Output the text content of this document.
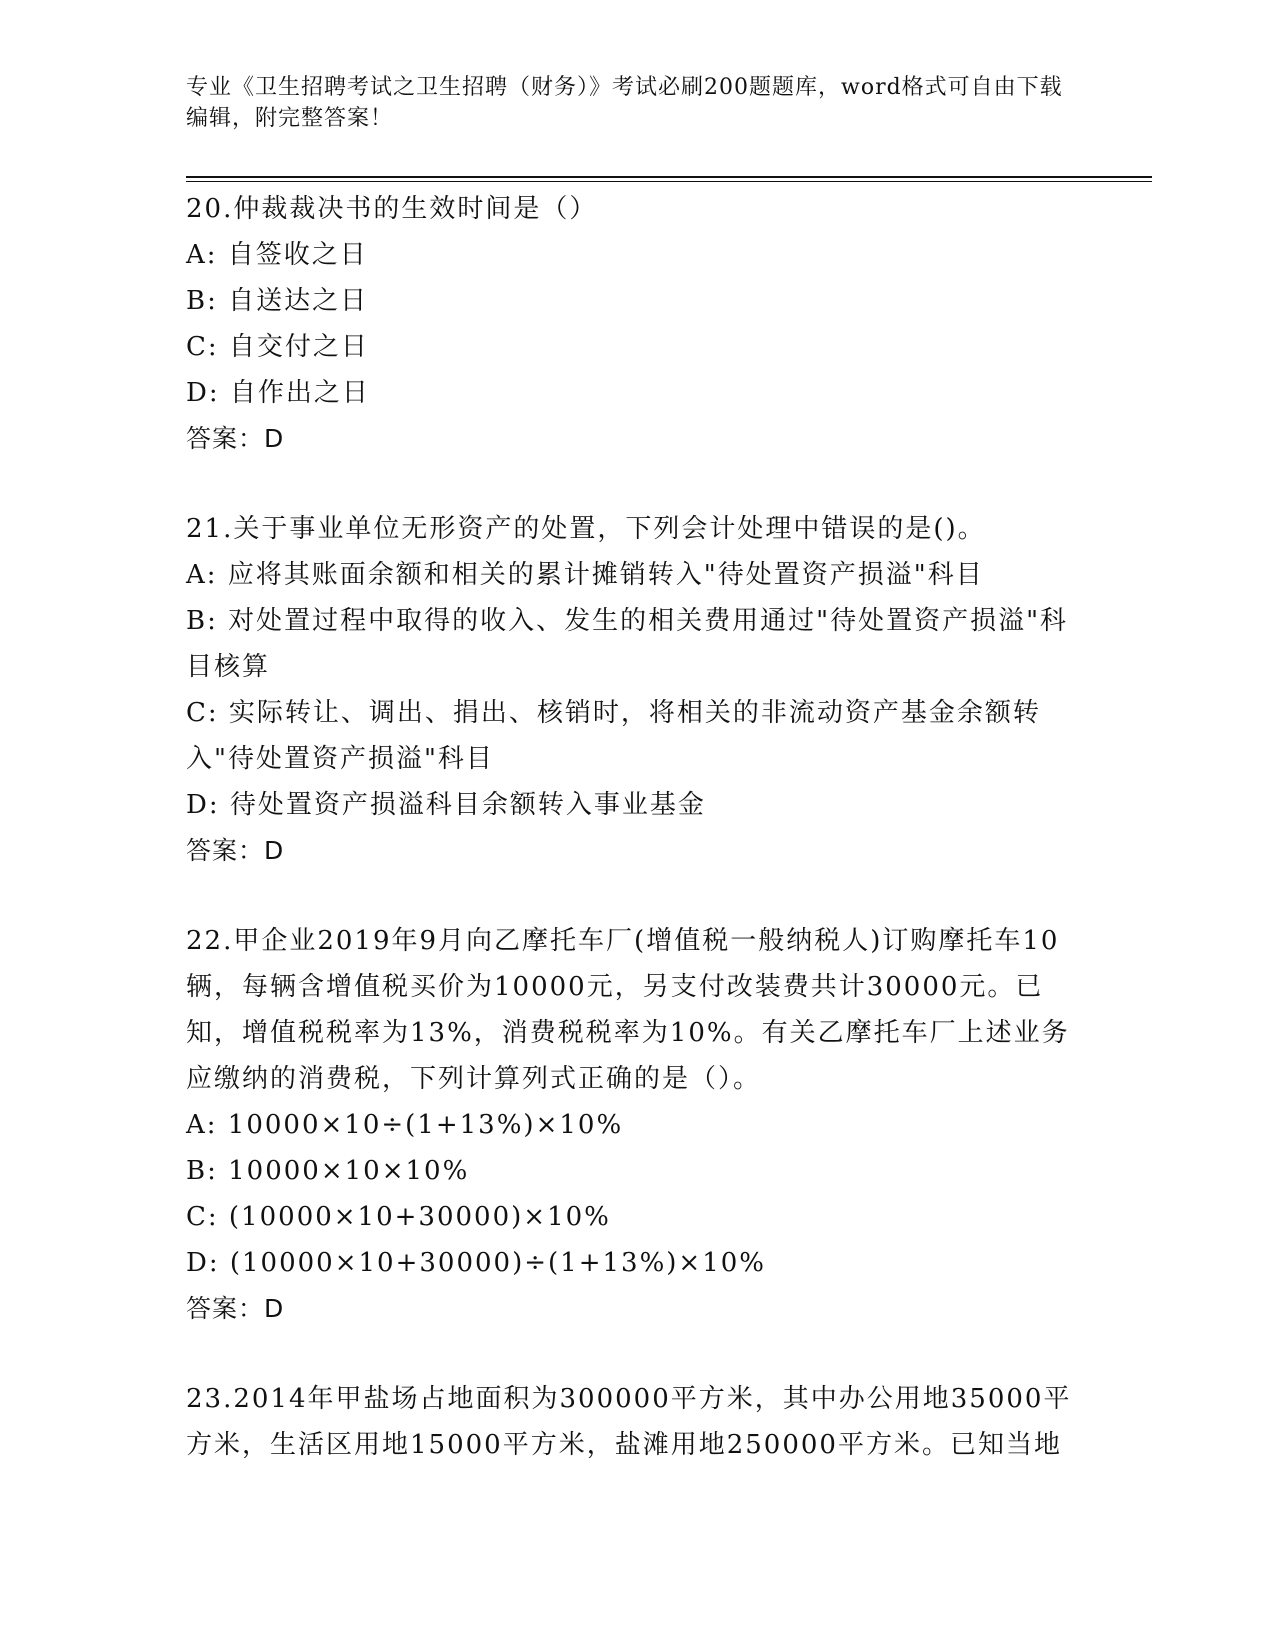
专业《卫生招聘考试之卫生招聘（财务）》考试必刷200题题库，word格式可自由下载编辑，附完整答案！

20.仲裁裁决书的生效时间是（）

A: 自签收之日

B: 自送达之日

C: 自交付之日

D: 自作出之日

答案：D

21.关于事业单位无形资产的处置，下列会计处理中错误的是()。

A: 应将其账面余额和相关的累计摊销转入"待处置资产损溢"科目

B: 对处置过程中取得的收入、发生的相关费用通过"待处置资产损溢"科目核算

C: 实际转让、调出、捐出、核销时，将相关的非流动资产基金余额转入"待处置资产损溢"科目

D: 待处置资产损溢科目余额转入事业基金

答案：D

22.甲企业2019年9月向乙摩托车厂(增值税一般纳税人)订购摩托车10辆，每辆含增值税买价为10000元，另支付改装费共计30000元。已知，增值税税率为13%，消费税税率为10%。有关乙摩托车厂上述业务应缴纳的消费税，下列计算列式正确的是（）。

A: 10000×10÷(1+13%)×10%

B: 10000×10×10%

C: (10000×10+30000)×10%

D: (10000×10+30000)÷(1+13%)×10%

答案：D

23.2014年甲盐场占地面积为300000平方米，其中办公用地35000平方米，生活区用地15000平方米，盐滩用地250000平方米。已知当地
